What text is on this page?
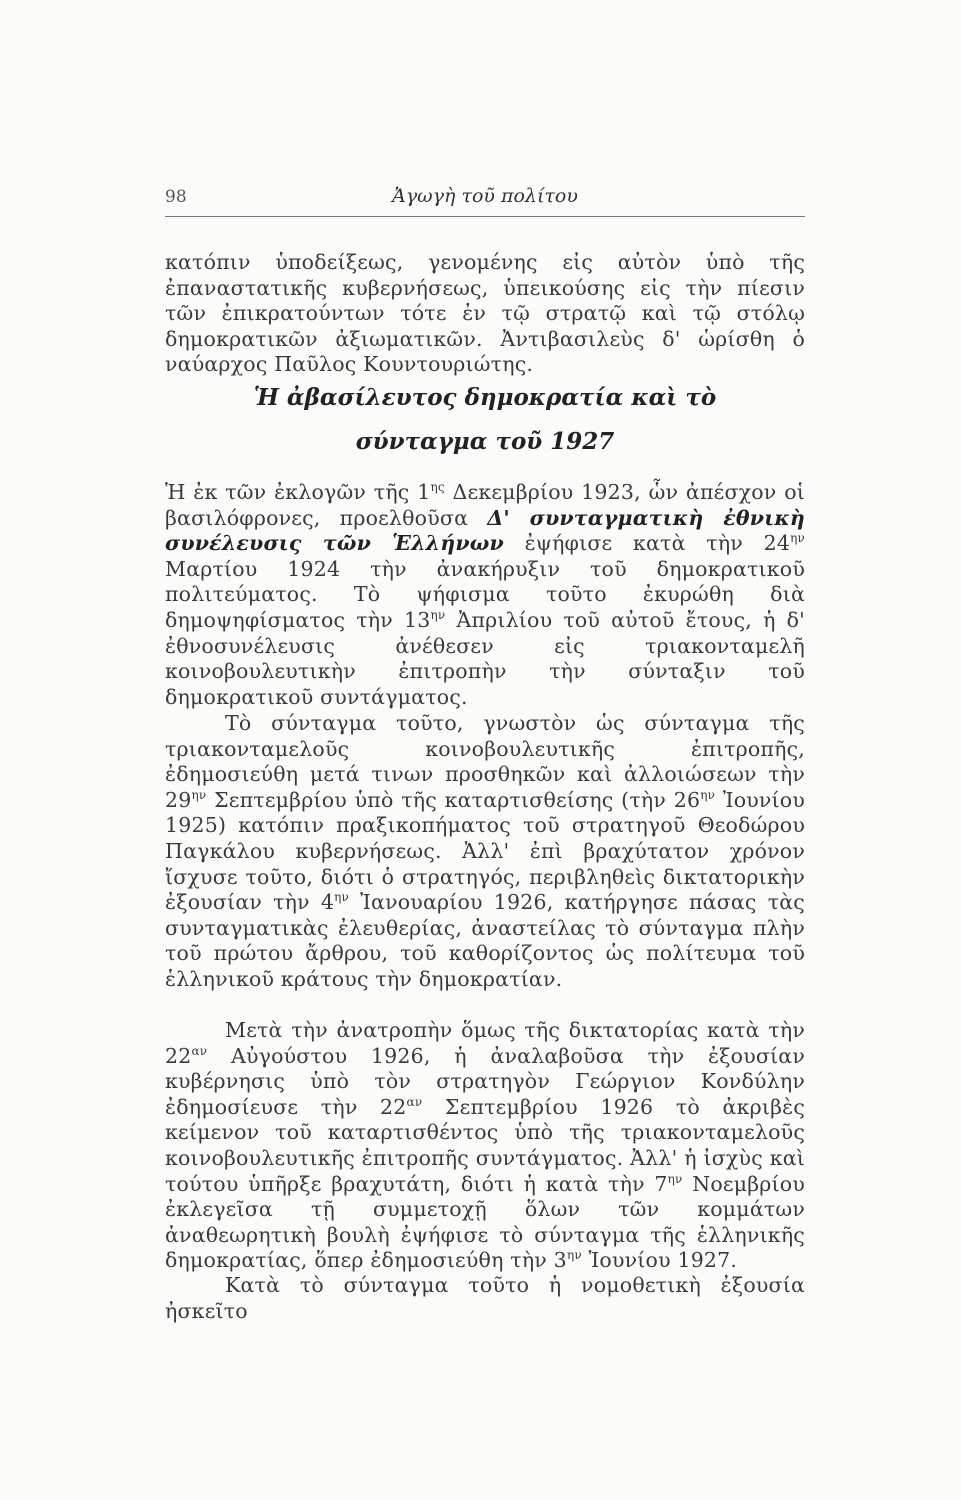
98	Ἀγωγὴ τοῦ πολίτου
κατόπιν ὑποδείξεως, γενομένης εἰς αὐτὸν ὑπὸ τῆς ἐπαναστατικῆς κυβερνήσεως, ὑπεικούσης εἰς τὴν πίεσιν τῶν ἐπικρατούντων τότε ἐν τῷ στρατῷ καὶ τῷ στόλῳ δημοκρατικῶν ἀξιωματικῶν. Ἀντιβασιλεὺς δ' ὡρίσθη ὁ ναύαρχος Παῦλος Κουντουριώτης.
Ἡ ἀβασίλευτος δημοκρατία καὶ τὸ
σύνταγμα τοῦ 1927
Ἡ ἐκ τῶν ἐκλογῶν τῆς $1^{\eta\varsigma}$ Δεκεμβρίου 1923, ὧν ἀπέσχον οἱ βασιλόφρονες, προελθοῦσα Δ' συνταγματικὴ ἐθνικὴ συνέλευσις τῶν Ἑλλήνων ἐψήφισε κατὰ τὴν $24^{\eta\nu}$ Μαρτίου 1924 τὴν ἀνακήρυξιν τοῦ δημοκρατικοῦ πολιτεύματος. Τὸ ψήφισμα τοῦτο ἐκυρώθη διὰ δημοψηφίσματος τὴν $13^{\eta\nu}$ Ἀπριλίου τοῦ αὐτοῦ ἔτους, ἡ δ' ἐθνοσυνέλευσις ἀνέθεσεν εἰς τριακονταμελῆ κοινοβουλευτικὴν ἐπιτροπὴν τὴν σύνταξιν τοῦ δημοκρατικοῦ συντάγματος.
Τὸ σύνταγμα τοῦτο, γνωστὸν ὡς σύνταγμα τῆς τριακονταμελοῦς κοινοβουλευτικῆς ἐπιτροπῆς, ἐδημοσιεύθη μετά τινων προσθηκῶν καὶ ἀλλοιώσεων τὴν $29^{\eta\nu}$ Σεπτεμβρίου ὑπὸ τῆς καταρτισθείσης (τὴν $26^{\eta\nu}$ Ἰουνίου 1925) κατόπιν πραξικοπήματος τοῦ στρατηγοῦ Θεοδώρου Παγκάλου κυβερνήσεως. Ἀλλ' ἐπὶ βραχύτατον χρόνον ἴσχυσε τοῦτο, διότι ὁ στρατηγός, περιβληθεὶς δικτατορικὴν ἐξουσίαν τὴν $4^{\eta\nu}$ Ἰανουαρίου 1926, κατήργησε πάσας τὰς συνταγματικὰς ἐλευθερίας, ἀναστείλας τὸ σύνταγμα πλὴν τοῦ πρώτου ἄρθρου, τοῦ καθορίζοντος ὡς πολίτευμα τοῦ ἑλληνικοῦ κράτους τὴν δημοκρατίαν.
Μετὰ τὴν ἀνατροπὴν ὅμως τῆς δικτατορίας κατὰ τὴν $22^{\alpha\nu}$ Αὐγούστου 1926, ἡ ἀναλαβοῦσα τὴν ἐξουσίαν κυβέρνησις ὑπὸ τὸν στρατηγὸν Γεώργιον Κονδύλην ἐδημοσίευσε τὴν $22^{\alpha\nu}$ Σεπτεμβρίου 1926 τὸ ἀκριβὲς κείμενον τοῦ καταρτισθέντος ὑπὸ τῆς τριακονταμελοῦς κοινοβουλευτικῆς ἐπιτροπῆς συντάγματος. Ἀλλ' ἡ ἰσχὺς καὶ τούτου ὑπῆρξε βραχυτάτη, διότι ἡ κατὰ τὴν $7^{\eta\nu}$ Νοεμβρίου ἐκλεγεῖσα τῇ συμμετοχῇ ὅλων τῶν κομμάτων ἀναθεωρητικὴ βουλὴ ἐψήφισε τὸ σύνταγμα τῆς ἑλληνικῆς δημοκρατίας, ὅπερ ἐδημοσιεύθη τὴν $3^{\eta\nu}$ Ἰουνίου 1927.
Κατὰ τὸ σύνταγμα τοῦτο ἡ νομοθετικὴ ἐξουσία ἠσκεῖτο
